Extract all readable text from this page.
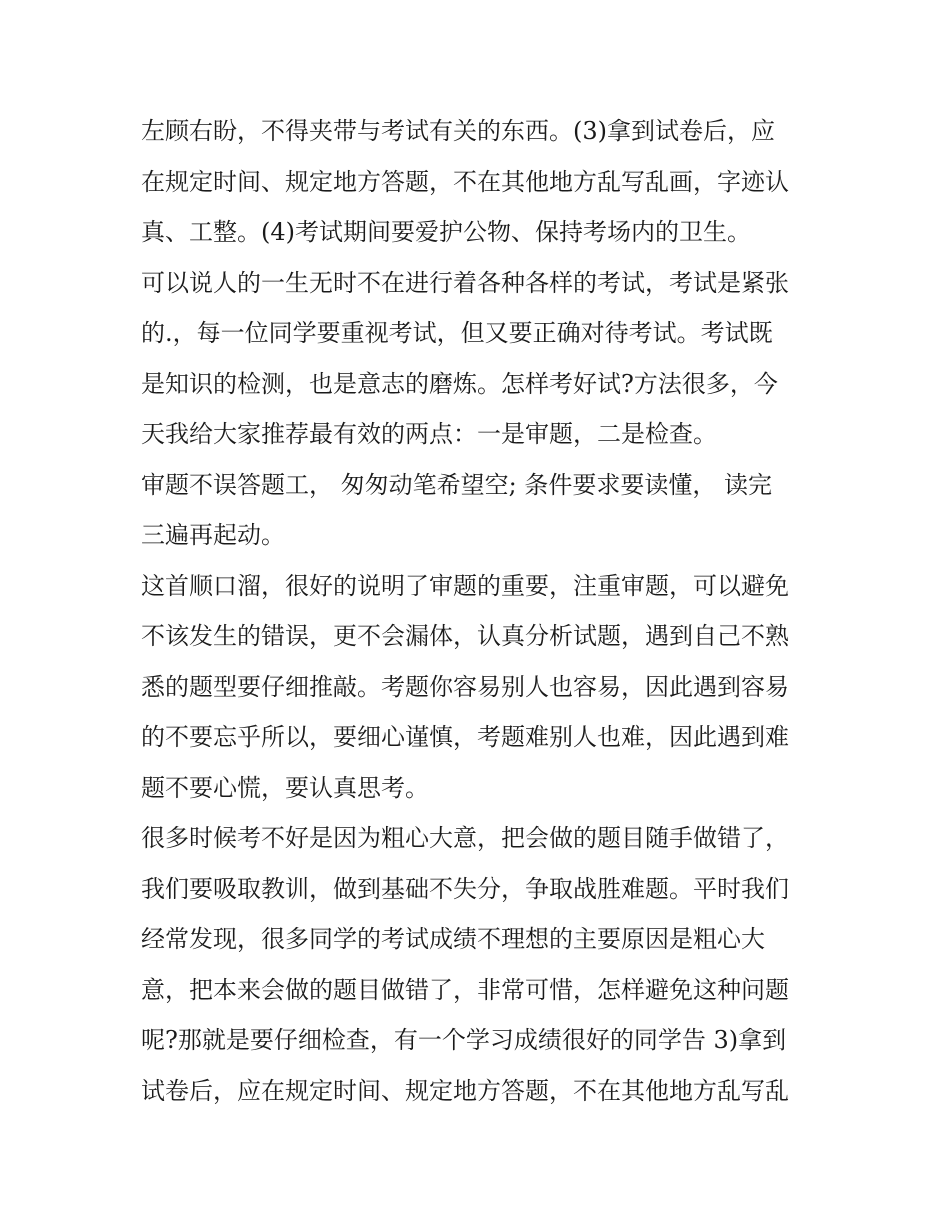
左顾右盼，不得夹带与考试有关的东西。(3)拿到试卷后，应
在规定时间、规定地方答题，不在其他地方乱写乱画，字迹认
真、工整。(4)考试期间要爱护公物、保持考场内的卫生。
可以说人的一生无时不在进行着各种各样的考试，考试是紧张
的.，每一位同学要重视考试，但又要正确对待考试。考试既
是知识的检测，也是意志的磨炼。怎样考好试?方法很多，今
天我给大家推荐最有效的两点：一是审题，二是检查。
审题不误答题工， 匆匆动笔希望空; 条件要求要读懂， 读完
三遍再起动。
这首顺口溜，很好的说明了审题的重要，注重审题，可以避免
不该发生的错误，更不会漏体，认真分析试题，遇到自己不熟
悉的题型要仔细推敲。考题你容易别人也容易，因此遇到容易
的不要忘乎所以，要细心谨慎，考题难别人也难，因此遇到难
题不要心慌，要认真思考。
很多时候考不好是因为粗心大意，把会做的题目随手做错了，
我们要吸取教训，做到基础不失分，争取战胜难题。平时我们
经常发现，很多同学的考试成绩不理想的主要原因是粗心大
意，把本来会做的题目做错了，非常可惜，怎样避免这种问题
呢?那就是要仔细检查，有一个学习成绩很好的同学告 3)拿到
试卷后，应在规定时间、规定地方答题，不在其他地方乱写乱
